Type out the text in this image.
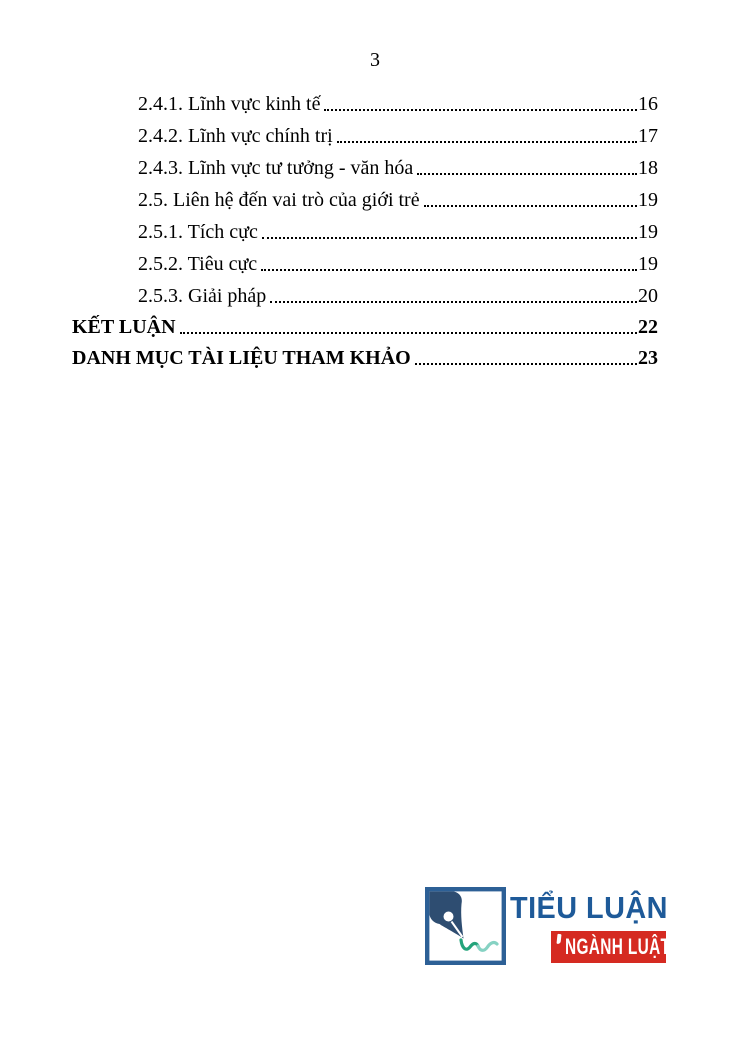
3
2.4.1. Lĩnh vực kinh tế	16
2.4.2. Lĩnh vực chính trị	17
2.4.3. Lĩnh vực tư tưởng - văn hóa	18
2.5. Liên hệ đến vai trò của giới trẻ	19
2.5.1. Tích cực	19
2.5.2. Tiêu cực	19
2.5.3. Giải pháp	20
KẾT LUẬN	22
DANH MỤC TÀI LIỆU THAM KHẢO	23
TIỂU LUẬN
NGÀNH LUẬT
